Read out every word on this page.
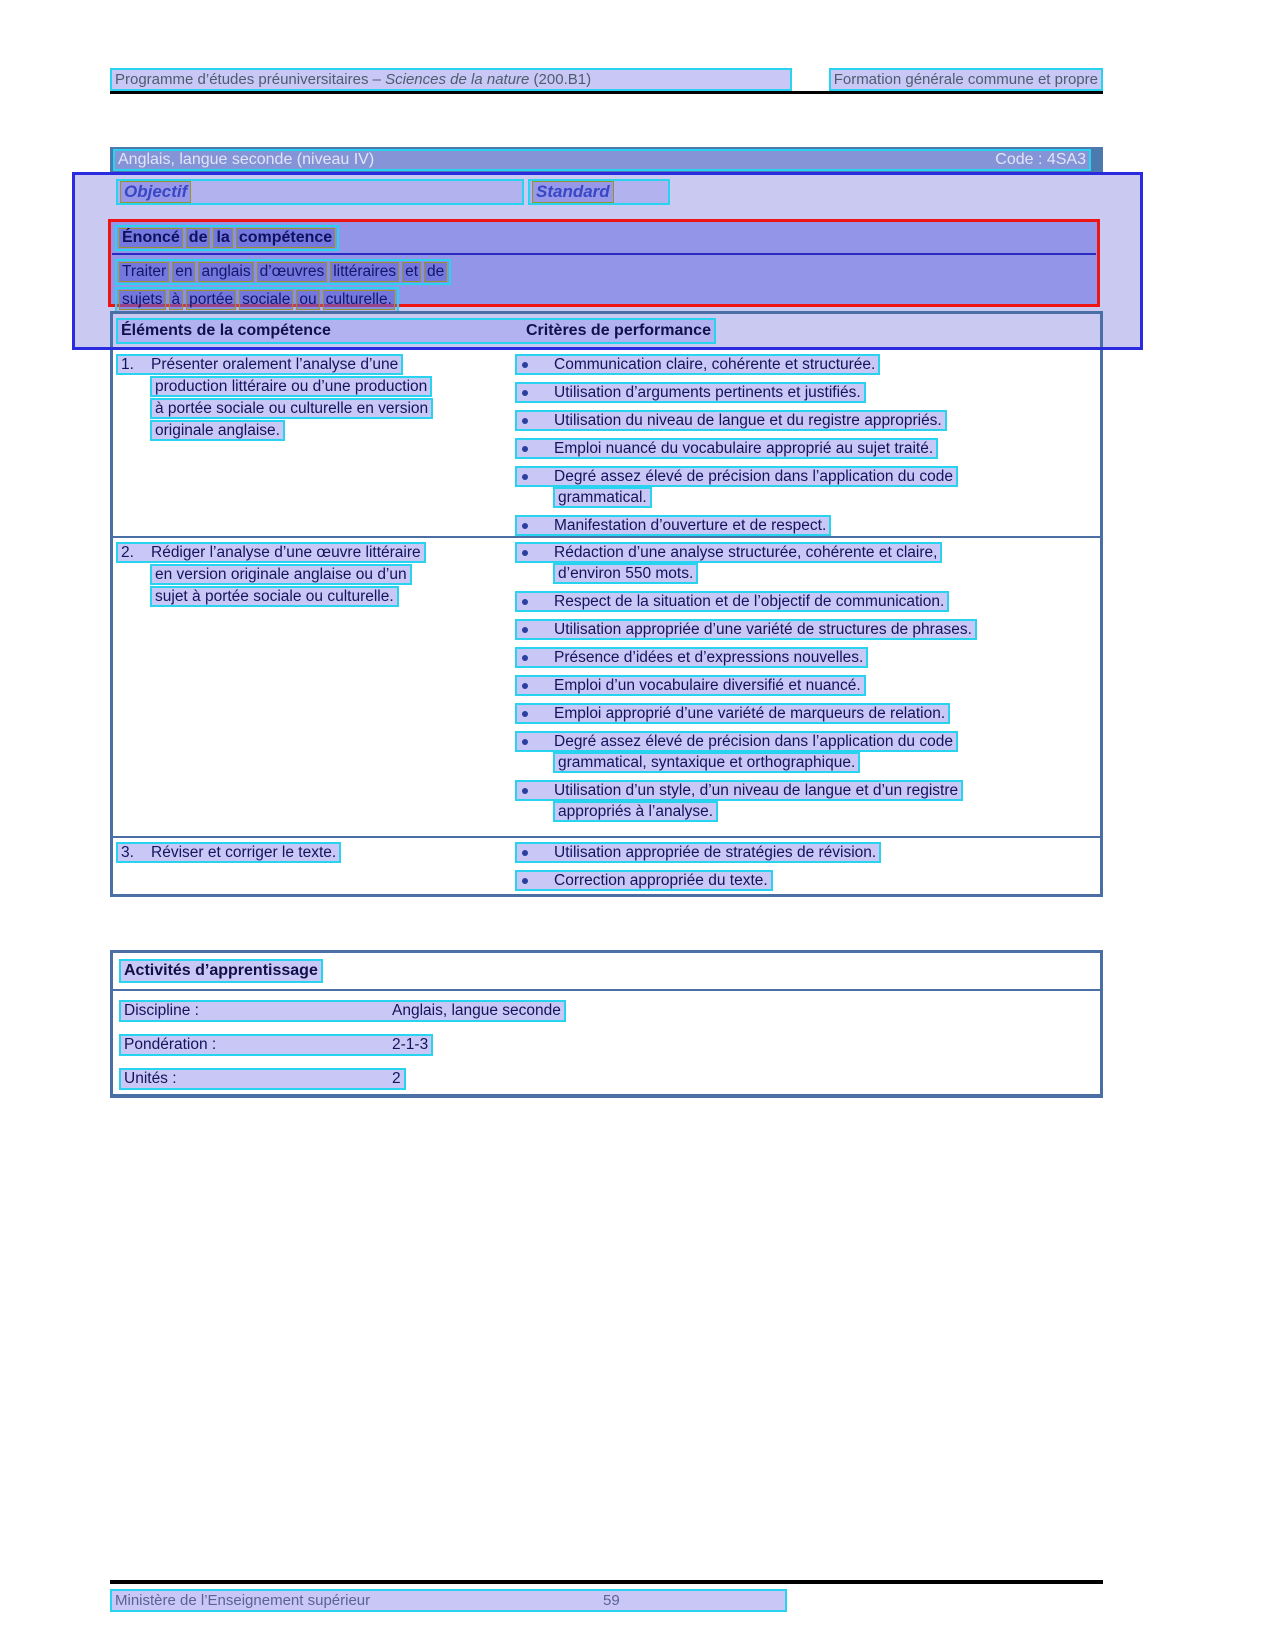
Programme d’études préuniversitaires – Sciences de la nature (200.B1)	Formation générale commune et propre
Anglais, langue seconde (niveau IV)	Code : 4SA3
Objectif	Standard
Énoncé de la compétence
Traiter en anglais d’œuvres littéraires et de
sujets à portée sociale ou culturelle.
Éléments de la compétence	Critères de performance
1.	Présenter oralement l’analyse d’une
production littéraire ou d’une production
à portée sociale ou culturelle en version
originale anglaise.
Communication claire, cohérente et structurée.
Utilisation d’arguments pertinents et justifiés.
Utilisation du niveau de langue et du registre appropriés.
Emploi nuancé du vocabulaire approprié au sujet traité.
Degré assez élevé de précision dans l’application du code
grammatical.
Manifestation d’ouverture et de respect.
2.	Rédiger l’analyse d’une œuvre littéraire
en version originale anglaise ou d’un
sujet à portée sociale ou culturelle.
Rédaction d’une analyse structurée, cohérente et claire,
d’environ 550 mots.
Respect de la situation et de l’objectif de communication.
Utilisation appropriée d’une variété de structures de phrases.
Présence d’idées et d’expressions nouvelles.
Emploi d’un vocabulaire diversifié et nuancé.
Emploi approprié d’une variété de marqueurs de relation.
Degré assez élevé de précision dans l’application du code
grammatical, syntaxique et orthographique.
Utilisation d’un style, d’un niveau de langue et d’un registre
appropriés à l’analyse.
3.	Réviser et corriger le texte.	Utilisation appropriée de stratégies de révision.
Correction appropriée du texte.
Activités d’apprentissage
Discipline :	Anglais, langue seconde
Pondération :	2-1-3
Unités :	2
Ministère de l’Enseignement supérieur	59
